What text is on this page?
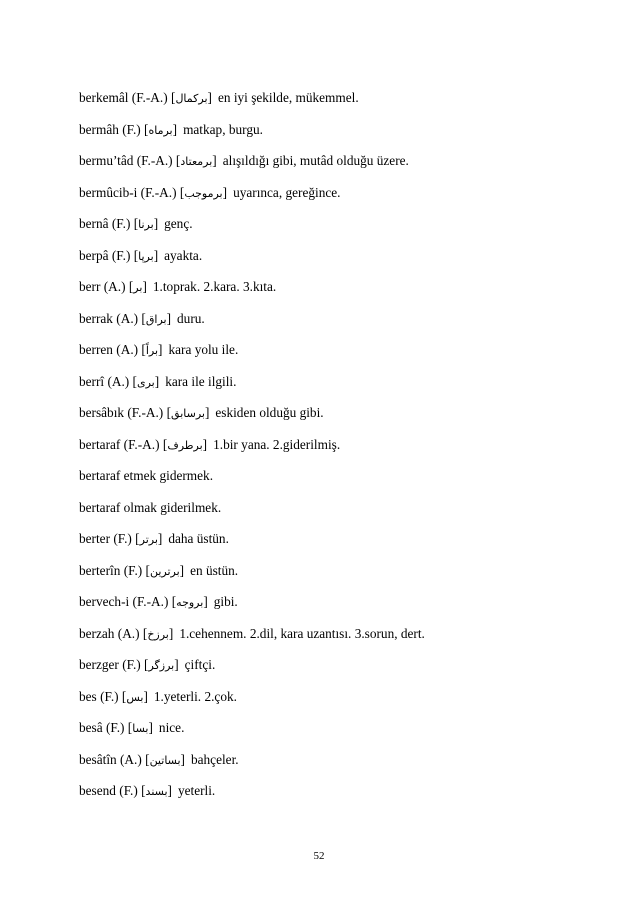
berkemâl (F.-A.) [بركمال] en iyi şekilde, mükemmel.
bermâh (F.) [برماه] matkap, burgu.
bermu’tâd (F.-A.) [برمعتاد] alışıldığı gibi, mutâd olduğu üzere.
bermûcib-i (F.-A.) [برموجب] uyarınca, gereğince.
bernâ (F.) [برنا] genç.
berpâ (F.) [برپا] ayakta.
berr (A.) [بر] 1.toprak. 2.kara. 3.kıta.
berrak (A.) [براق] duru.
berren (A.) [براً] kara yolu ile.
berrî (A.) [برى] kara ile ilgili.
bersâbık (F.-A.) [برسابق] eskiden olduğu gibi.
bertaraf (F.-A.) [برطرف] 1.bir yana. 2.giderilmiş.
bertaraf etmek gidermek.
bertaraf olmak giderilmek.
berter (F.) [برتر] daha üstün.
berterîn (F.) [برترين] en üstün.
bervech-i (F.-A.) [بروجه] gibi.
berzah (A.) [برزخ] 1.cehennem. 2.dil, kara uzantısı. 3.sorun, dert.
berzger (F.) [برزگر] çiftçi.
bes (F.) [بس] 1.yeterli. 2.çok.
besâ (F.) [بسا] nice.
besâtîn (A.) [بساتين] bahçeler.
besend (F.) [بسند] yeterli.
52
